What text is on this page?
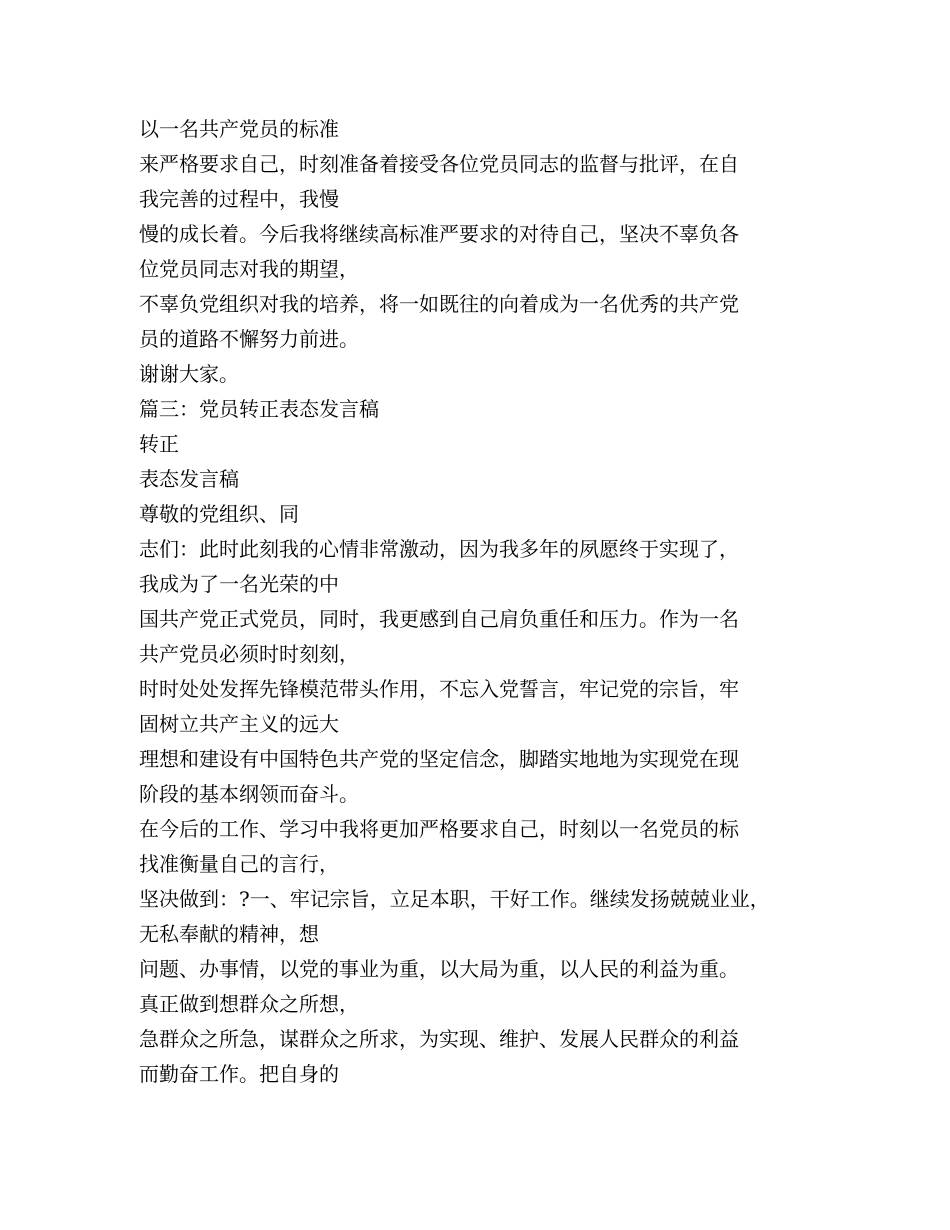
以一名共产党员的标准
来严格要求自己，时刻准备着接受各位党员同志的监督与批评，在自
我完善的过程中，我慢
慢的成长着。今后我将继续高标准严要求的对待自己，坚决不辜负各
位党员同志对我的期望，
不辜负党组织对我的培养，将一如既往的向着成为一名优秀的共产党
员的道路不懈努力前进。
谢谢大家。
篇三：党员转正表态发言稿
转正
表态发言稿
尊敬的党组织、同
志们：此时此刻我的心情非常激动，因为我多年的夙愿终于实现了，
我成为了一名光荣的中
国共产党正式党员，同时，我更感到自己肩负重任和压力。作为一名
共产党员必须时时刻刻，
时时处处发挥先锋模范带头作用，不忘入党誓言，牢记党的宗旨，牢
固树立共产主义的远大
理想和建设有中国特色共产党的坚定信念，脚踏实地地为实现党在现
阶段的基本纲领而奋斗。
在今后的工作、学习中我将更加严格要求自己，时刻以一名党员的标
找准衡量自己的言行，
坚决做到：?一、牢记宗旨，立足本职，干好工作。继续发扬兢兢业业，
无私奉献的精神，想
问题、办事情，以党的事业为重，以大局为重，以人民的利益为重。
真正做到想群众之所想，
急群众之所急，谋群众之所求，为实现、维护、发展人民群众的利益
而勤奋工作。把自身的
